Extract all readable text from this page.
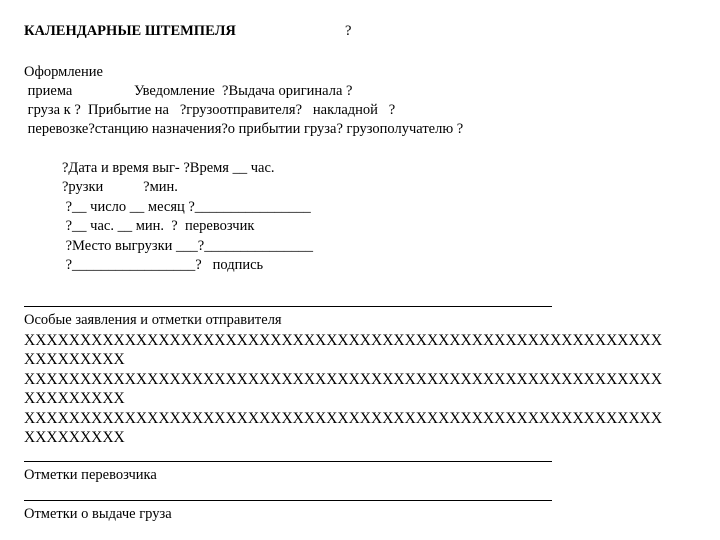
КАЛЕНДАРНЫЕ ШТЕМПЕЛЯ	?
Оформление
приема                 Уведомление  ?Выдача оригинала ?
груза к ?  Прибытие на   ?грузоотправителя?   накладной   ?
перевозке?станцию назначения?о прибытии груза? грузополучателю ?
?Дата и время выг- ?Время __ час.
?рузки           ?мин.
?__ число __ месяц ?________________
?__ час. __ мин.  ?  перевозчик
?Место выгрузки ___?_______________
?_________________?   подпись
Особые заявления и отметки отправителя
XXXXXXXXXXXXXXXXXXXXXXXXXXXXXXXXXXXXXXXXXXXXXXXXXXXXXXXXX
XXXXXXXXX
XXXXXXXXXXXXXXXXXXXXXXXXXXXXXXXXXXXXXXXXXXXXXXXXXXXXXXXXX
XXXXXXXXX
XXXXXXXXXXXXXXXXXXXXXXXXXXXXXXXXXXXXXXXXXXXXXXXXXXXXXXXXX
XXXXXXXXX
Отметки перевозчика
Отметки о выдаче груза
